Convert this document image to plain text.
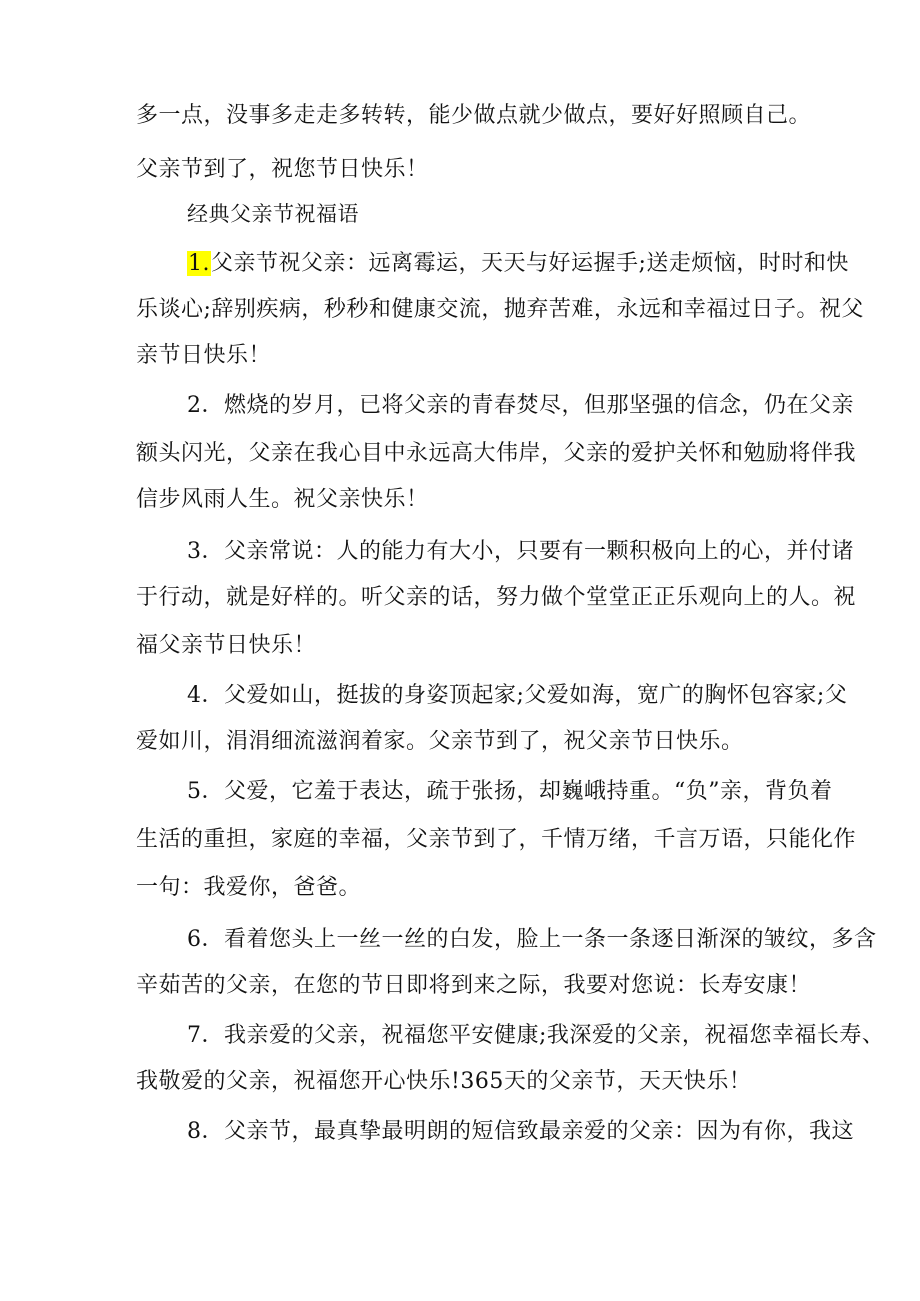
多一点，没事多走走多转转，能少做点就少做点，要好好照顾自己。
父亲节到了，祝您节日快乐！
经典父亲节祝福语
1.父亲节祝父亲：远离霉运，天天与好运握手;送走烦恼，时时和快
乐谈心;辞别疾病，秒秒和健康交流，抛弃苦难，永远和幸福过日子。祝父
亲节日快乐！
2．燃烧的岁月，已将父亲的青春焚尽，但那坚强的信念，仍在父亲
额头闪光，父亲在我心目中永远高大伟岸，父亲的爱护关怀和勉励将伴我
信步风雨人生。祝父亲快乐！
3．父亲常说：人的能力有大小，只要有一颗积极向上的心，并付诸
于行动，就是好样的。听父亲的话，努力做个堂堂正正乐观向上的人。祝
福父亲节日快乐！
4．父爱如山，挺拔的身姿顶起家;父爱如海，宽广的胸怀包容家;父
爱如川，涓涓细流滋润着家。父亲节到了，祝父亲节日快乐。
5．父爱，它羞于表达，疏于张扬，却巍峨持重。“负”亲，背负着
生活的重担，家庭的幸福，父亲节到了，千情万绪，千言万语，只能化作
一句：我爱你，爸爸。
6．看着您头上一丝一丝的白发，脸上一条一条逐日渐深的皱纹，多含
辛茹苦的父亲，在您的节日即将到来之际，我要对您说：长寿安康！
7．我亲爱的父亲，祝福您平安健康;我深爱的父亲，祝福您幸福长寿、
我敬爱的父亲，祝福您开心快乐!365天的父亲节，天天快乐！
8．父亲节，最真挚最明朗的短信致最亲爱的父亲：因为有你，我这
